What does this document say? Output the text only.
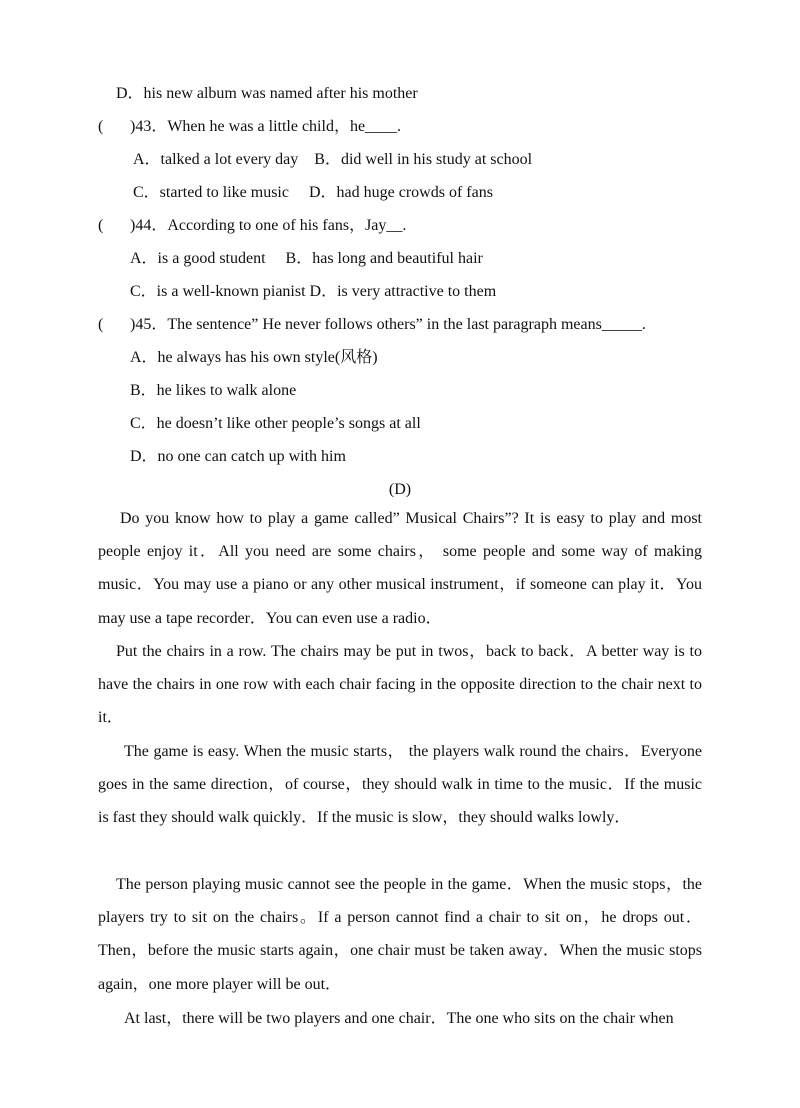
D．his new album was named after his mother
( )43．When he was a little child，he____.
A．talked a lot every day    B．did well in his study at school
C．started to like music     D．had huge crowds of fans
( )44．According to one of his fans，Jay__.
A．is a good student     B．has long and beautiful hair
C．is a well-known pianist D．is very attractive to them
( )45．The sentence” He never follows others” in the last paragraph means_____.
A．he always has his own style(风格)
B．he likes to walk alone
C．he doesn’t like other people’s songs at all
D．no one can catch up with him
(D)

Do you know how to play a game called” Musical Chairs”? It is easy to play and most people enjoy it．All you need are some chairs， some people and some way of making music．You may use a piano or any other musical instrument，if someone can play it．You may use a tape recorder．You can even use a radio．

Put the chairs in a row. The chairs may be put in twos，back to back．A better way is to have the chairs in one row with each chair facing in the opposite direction to the chair next to it．

The game is easy. When the music starts， the players walk round the chairs．Everyone goes in the same direction，of course，they should walk in time to the music．If the music is fast they should walk quickly．If the music is slow，they should walks lowly．

The person playing music cannot see the people in the game．When the music stops，the players try to sit on the chairs。If a person cannot find a chair to sit on，he drops out．Then，before the music starts again，one chair must be taken away．When the music stops again，one more player will be out．

At last，there will be two players and one chair．The one who sits on the chair when
